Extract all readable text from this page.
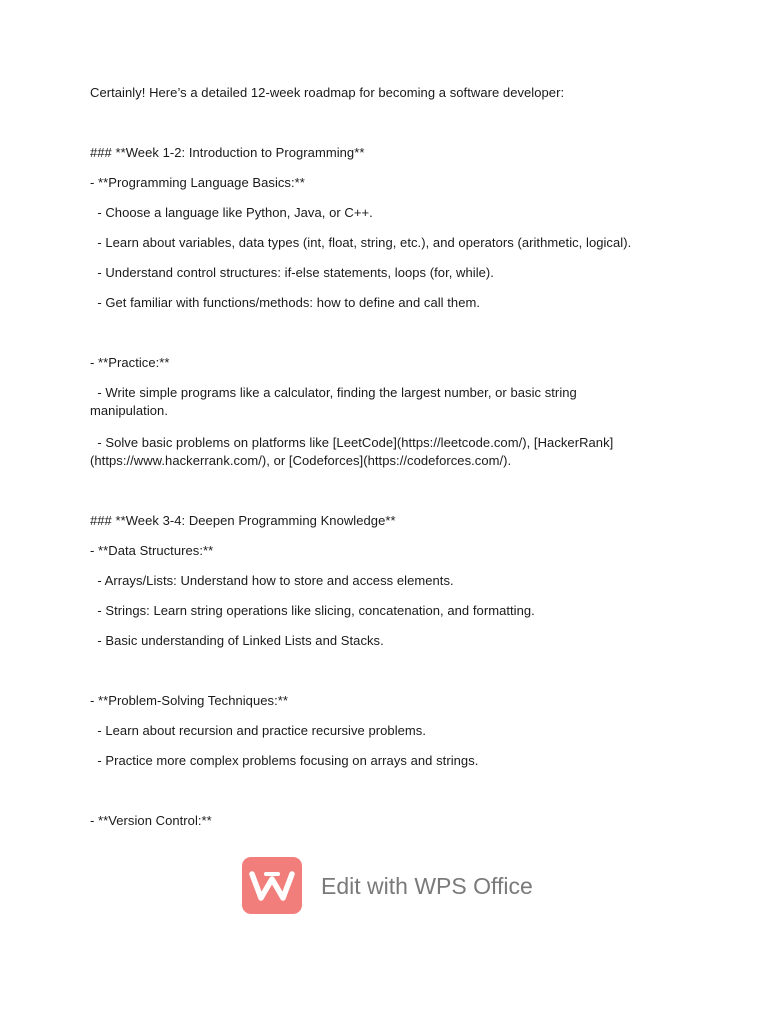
Certainly! Here’s a detailed 12-week roadmap for becoming a software developer:
### **Week 1-2: Introduction to Programming**
- **Programming Language Basics:**
- Choose a language like Python, Java, or C++.
- Learn about variables, data types (int, float, string, etc.), and operators (arithmetic, logical).
- Understand control structures: if-else statements, loops (for, while).
- Get familiar with functions/methods: how to define and call them.
- **Practice:**
- Write simple programs like a calculator, finding the largest number, or basic string manipulation.
- Solve basic problems on platforms like [LeetCode](https://leetcode.com/), [HackerRank](https://www.hackerrank.com/), or [Codeforces](https://codeforces.com/).
### **Week 3-4: Deepen Programming Knowledge**
- **Data Structures:**
- Arrays/Lists: Understand how to store and access elements.
- Strings: Learn string operations like slicing, concatenation, and formatting.
- Basic understanding of Linked Lists and Stacks.
- **Problem-Solving Techniques:**
- Learn about recursion and practice recursive problems.
- Practice more complex problems focusing on arrays and strings.
- **Version Control:**
Edit with WPS Office
